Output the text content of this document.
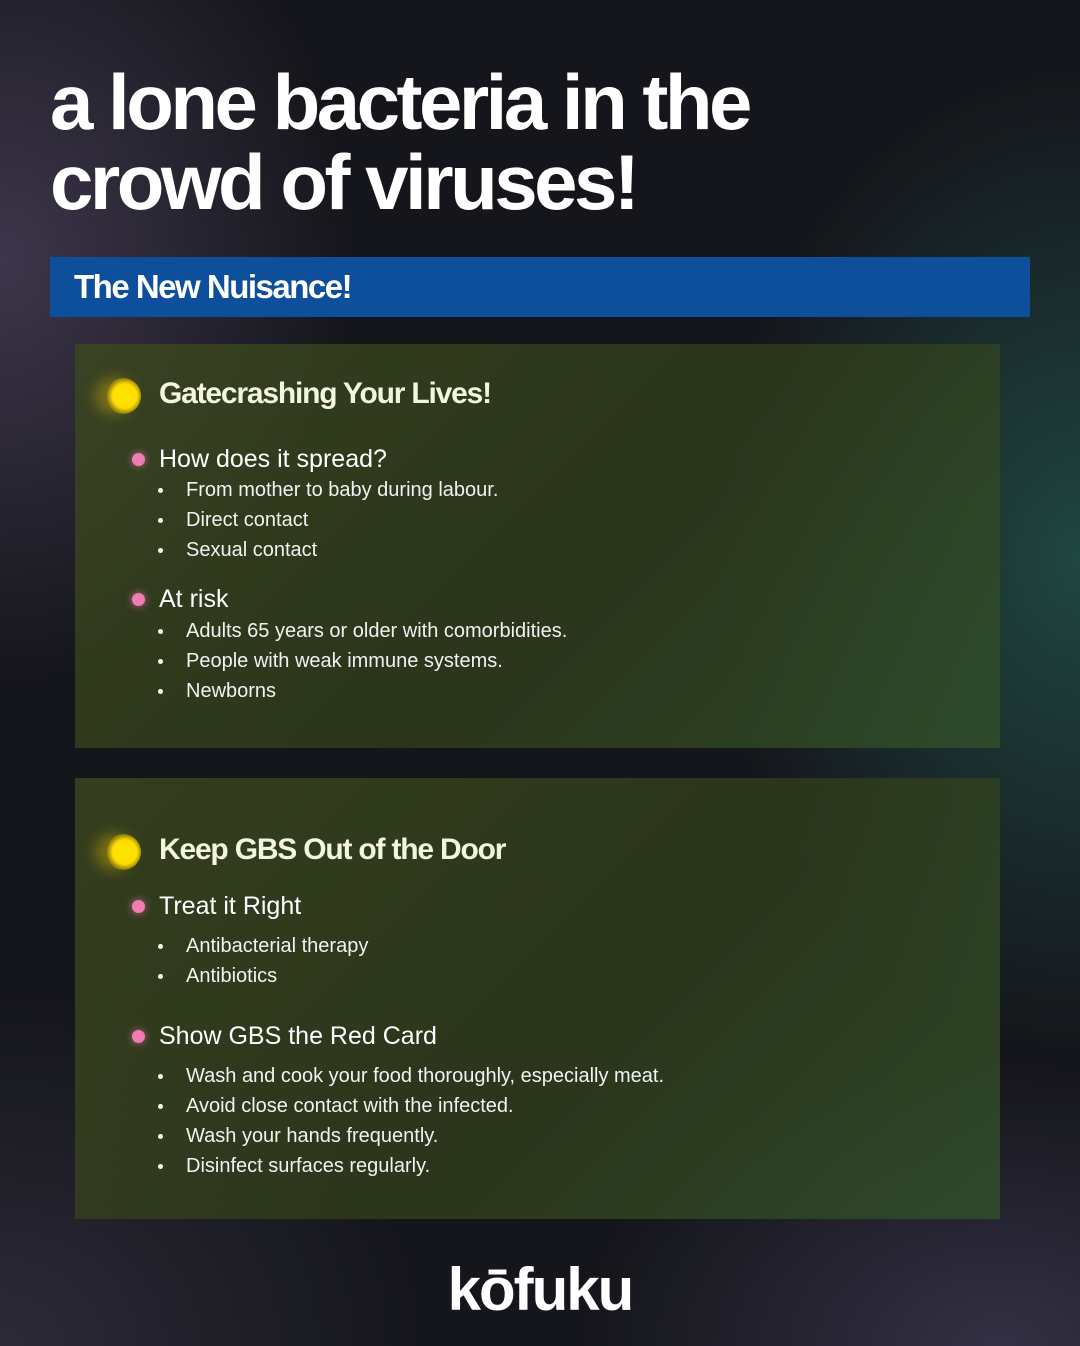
a lone bacteria in the crowd of viruses!
The New Nuisance!
Gatecrashing Your Lives!
How does it spread?
From mother to baby during labour.
Direct contact
Sexual contact
At risk
Adults 65 years or older with comorbidities.
People with weak immune systems.
Newborns
Keep GBS Out of the Door
Treat it Right
Antibacterial therapy
Antibiotics
Show GBS the Red Card
Wash and cook your food thoroughly, especially meat.
Avoid close contact with the infected.
Wash your hands frequently.
Disinfect surfaces regularly.
kōfuku
